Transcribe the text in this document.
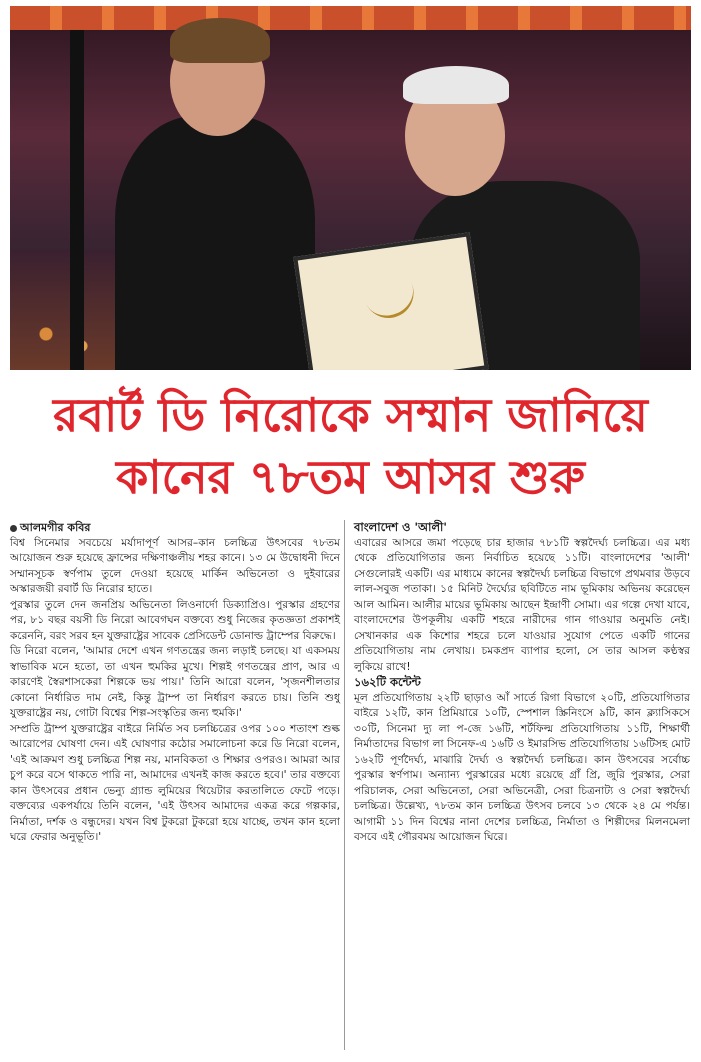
রবার্ট ডি নিরোকে সম্মান জানিয়ে
কানের ৭৮তম আসর শুরু

আলমগীর কবির

বিশ্ব সিনেমার সবচেয়ে মর্যাদাপূর্ণ আসর–কান চলচ্চিত্র উৎসবের ৭৮তম আয়োজন শুরু হয়েছে ফ্রান্সের দক্ষিণাঞ্চলীয় শহর কানে। ১৩ মে উদ্বোধনী দিনে সম্মানসূচক স্বর্ণপাম তুলে দেওয়া হয়েছে মার্কিন অভিনেতা ও দুইবারের অস্কারজয়ী রবার্ট ডি নিরোর হাতে।

পুরস্কার তুলে দেন জনপ্রিয় অভিনেতা লিওনার্দো ডিক্যাপ্রিও। পুরস্কার গ্রহণের পর, ৮১ বছর বয়সী ডি নিরো আবেগঘন বক্তব্যে শুধু নিজের কৃতজ্ঞতা প্রকাশই করেননি, বরং সরব হন যুক্তরাষ্ট্রের সাবেক প্রেসিডেন্ট ডোনাল্ড ট্রাম্পের বিরুদ্ধে।

ডি নিরো বলেন, 'আমার দেশে এখন গণতন্ত্রের জন্য লড়াই চলছে। যা একসময় স্বাভাবিক মনে হতো, তা এখন হুমকির মুখে। শিল্পই গণতন্ত্রের প্রাণ, আর এ কারণেই স্বৈরশাসকেরা শিল্পকে ভয় পায়।' তিনি আরো বলেন, 'সৃজনশীলতার কোনো নির্ধারিত দাম নেই, কিন্তু ট্রাম্প তা নির্ধারণ করতে চায়। তিনি শুধু যুক্তরাষ্ট্রের নয়, গোটা বিশ্বের শিল্প-সংস্কৃতির জন্য হুমকি।'

সম্প্রতি ট্রাম্প যুক্তরাষ্ট্রের বাইরে নির্মিত সব চলচ্চিত্রের ওপর ১০০ শতাংশ শুল্ক আরোপের ঘোষণা দেন। এই ঘোষণার কঠোর সমালোচনা করে ডি নিরো বলেন, 'এই আক্রমণ শুধু চলচ্চিত্র শিল্প নয়, মানবিকতা ও শিক্ষার ওপরও। আমরা আর চুপ করে বসে থাকতে পারি না, আমাদের এখনই কাজ করতে হবে।' তার বক্তব্যে কান উৎসবের প্রধান ভেন্যু গ্র্যান্ড লুমিয়ের থিয়েটার করতালিতে ফেটে পড়ে। বক্তব্যের একপর্যায়ে তিনি বলেন, 'এই উৎসব আমাদের একত্র করে গল্পকার, নির্মাতা, দর্শক ও বন্ধুদের। যখন বিশ্ব টুকরো টুকরো হয়ে যাচ্ছে, তখন কান হলো ঘরে ফেরার অনুভূতি।'

বাংলাদেশ ও 'আলী'

এবারের আসরে জমা পড়েছে চার হাজার ৭৮১টি স্বল্পদৈর্ঘ্য চলচ্চিত্র। এর মধ্য থেকে প্রতিযোগিতার জন্য নির্বাচিত হয়েছে ১১টি। বাংলাদেশের 'আলী' সেগুলোরই একটি। এর মাধ্যমে কানের স্বল্পদৈর্ঘ্য চলচ্চিত্র বিভাগে প্রথমবার উড়বে লাল-সবুজ পতাকা। ১৫ মিনিট দৈর্ঘ্যের ছবিটিতে নাম ভূমিকায় অভিনয় করেছেন আল আমিন। আলীর মায়ের ভূমিকায় আছেন ইন্দ্রাণী সোমা। এর গল্পে দেখা যাবে, বাংলাদেশের উপকূলীয় একটি শহরে নারীদের গান গাওয়ার অনুমতি নেই। সেখানকার এক কিশোর শহরে চলে যাওয়ার সুযোগ পেতে একটি গানের প্রতিযোগিতায় নাম লেখায়। চমকপ্রদ ব্যাপার হলো, সে তার আসল কণ্ঠস্বর লুকিয়ে রাখে!

১৬২টি কন্টেন্ট

মূল প্রতিযোগিতায় ২২টি ছাড়াও আঁ সার্তে রিগা বিভাগে ২০টি, প্রতিযোগিতার বাইরে ১২টি, কান প্রিমিয়ারে ১০টি, স্পেশাল স্ক্রিনিংসে ৯টি, কান ক্ল্যাসিকসে ৩০টি, সিনেমা দ্যু লা প-জে ১৬টি, শর্টফিল্ম প্রতিযোগিতায় ১১টি, শিক্ষার্থী নির্মাতাদের বিভাগ লা সিনেফ-এ ১৬টি ও ইমারসিভ প্রতিযোগিতায় ১৬টিসহ মোট ১৬২টি পূর্ণদৈর্ঘ্য, মাঝারি দৈর্ঘ্য ও স্বল্পদৈর্ঘ্য চলচ্চিত্র। কান উৎসবের সর্বোচ্চ পুরস্কার স্বর্ণপাম। অন্যান্য পুরস্কারের মধ্যে রয়েছে গ্রাঁ প্রি, জুরি পুরস্কার, সেরা পরিচালক, সেরা অভিনেতা, সেরা অভিনেত্রী, সেরা চিত্রনাট্য ও সেরা স্বল্পদৈর্ঘ্য চলচ্চিত্র। উল্লেখ্য, ৭৮তম কান চলচ্চিত্র উৎসব চলবে ১৩ থেকে ২৪ মে পর্যন্ত। আগামী ১১ দিন বিশ্বের নানা দেশের চলচ্চিত্র, নির্মাতা ও শিল্পীদের মিলনমেলা বসবে এই গৌরবময় আয়োজন ঘিরে।
